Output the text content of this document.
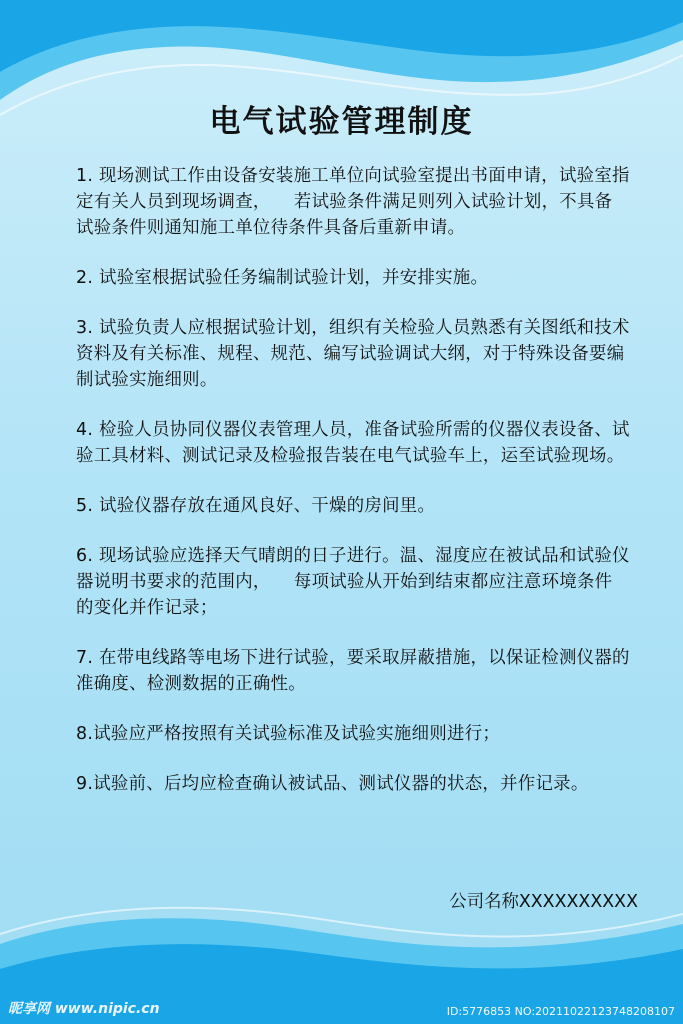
电气试验管理制度

1. 现场测试工作由设备安装施工单位向试验室提出书面申请，试验室指定有关人员到现场调查，    若试验条件满足则列入试验计划，不具备试验条件则通知施工单位待条件具备后重新申请。

2. 试验室根据试验任务编制试验计划，并安排实施。

3. 试验负责人应根据试验计划，组织有关检验人员熟悉有关图纸和技术资料及有关标准、规程、规范、编写试验调试大纲，对于特殊设备要编制试验实施细则。

4. 检验人员协同仪器仪表管理人员，准备试验所需的仪器仪表设备、试验工具材料、测试记录及检验报告装在电气试验车上，运至试验现场。

5. 试验仪器存放在通风良好、干燥的房间里。

6. 现场试验应选择天气晴朗的日子进行。温、湿度应在被试品和试验仪器说明书要求的范围内，    每项试验从开始到结束都应注意环境条件的变化并作记录；

7. 在带电线路等电场下进行试验，要采取屏蔽措施，以保证检测仪器的准确度、检测数据的正确性。

8.试验应严格按照有关试验标准及试验实施细则进行；

9.试验前、后均应检查确认被试品、测试仪器的状态，并作记录。

公司名称XXXXXXXXXX
昵享网 www.nipic.cn	ID:5776853 NO:20211022123748208107
